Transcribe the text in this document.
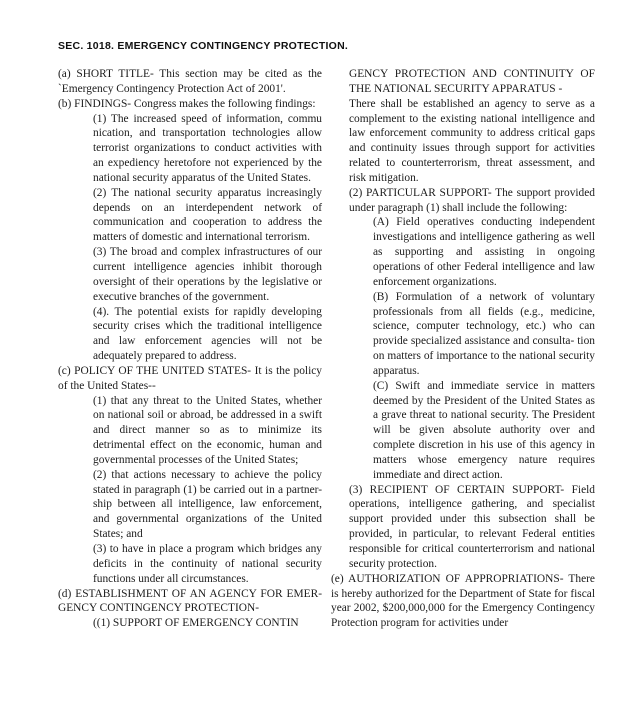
SEC. 1018. EMERGENCY CONTINGENCY PROTECTION.

(a) SHORT TITLE- This section may be cited as the `Emergency Contingency Protection Act of 2001'.

(b) FINDINGS- Congress makes the following findings:

(1) The increased speed of information, commu nication, and transportation technologies allow terrorist organizations to conduct activities with an expediency heretofore not experienced by the national security apparatus of the United States.

(2) The national security apparatus increasingly depends on an interdependent network of communication and cooperation to address the matters of domestic and international terrorism.

(3) The broad and complex infrastructures of our current intelligence agencies inhibit thorough oversight of their operations by the legislative or executive branches of the government.

(4). The potential exists for rapidly developing security crises which the traditional intelligence and law enforcement agencies will not be adequately prepared to address.

(c) POLICY OF THE UNITED STATES- It is the policy of the United States--

(1) that any threat to the United States, whether on national soil or abroad, be addressed in a swift and direct manner so as to minimize its detrimental effect on the economic, human and governmental processes of the United States;

(2) that actions necessary to achieve the policy stated in paragraph (1) be carried out in a partner- ship between all intelligence, law enforcement, and governmental organizations of the United States; and

(3) to have in place a program which bridges any deficits in the continuity of national security functions under all circumstances.

(d) ESTABLISHMENT OF AN AGENCY FOR EMER- GENCY CONTINGENCY PROTECTION-

((1) SUPPORT OF EMERGENCY CONTIN

GENCY PROTECTION AND CONTINUITY OF THE NATIONAL SECURITY APPARATUS -

There shall be established an agency to serve as a complement to the existing national intelligence and law enforcement community to address critical gaps and continuity issues through support for activities related to counterterrorism, threat assessment, and risk mitigation.

(2) PARTICULAR SUPPORT- The support provided under paragraph (1) shall include the following:

(A) Field operatives conducting independent investigations and intelligence gathering as well as supporting and assisting in ongoing operations of other Federal intelligence and law enforcement organizations.

(B) Formulation of a network of voluntary professionals from all fields (e.g., medicine, science, computer technology, etc.) who can provide specialized assistance and consulta- tion on matters of importance to the national security apparatus.

(C) Swift and immediate service in matters deemed by the President of the United States as a grave threat to national security. The President will be given absolute authority over and complete discretion in his use of this agency in matters whose emergency nature requires immediate and direct action.

(3) RECIPIENT OF CERTAIN SUPPORT- Field operations, intelligence gathering, and specialist support provided under this subsection shall be provided, in particular, to relevant Federal entities responsible for critical counterterrorism and national security protection.

(e) AUTHORIZATION OF APPROPRIATIONS- There is hereby authorized for the Department of State for fiscal year 2002, $200,000,000 for the Emergency Contingency Protection program for activities under
